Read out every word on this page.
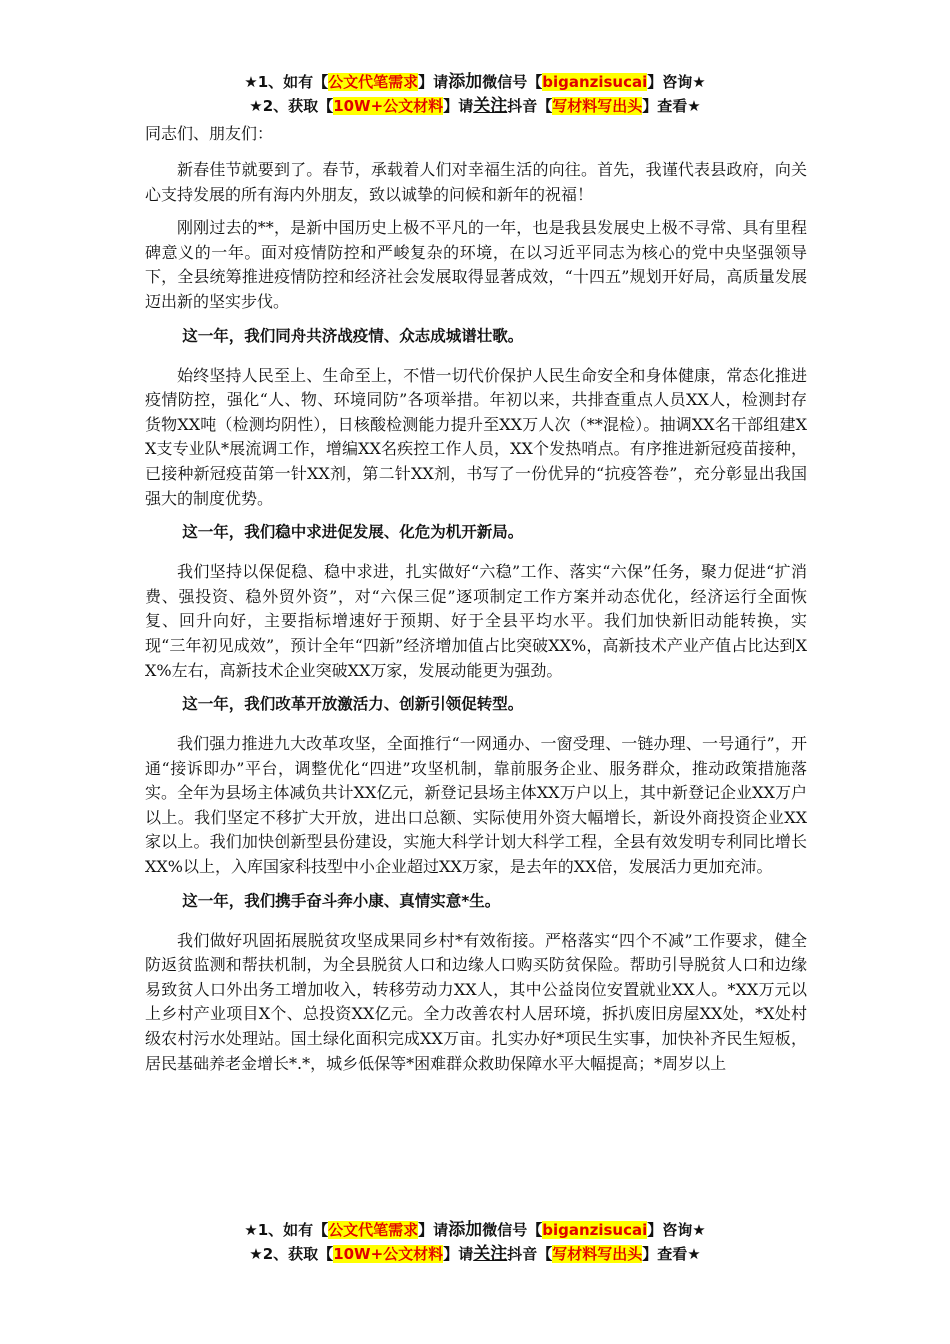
★1、如有【公文代笔需求】请添加微信号【biganzisucai】咨询★
★2、获取【10W+公文材料】请关注抖音【写材料写出头】查看★
同志们、朋友们：

新春佳节就要到了。春节，承载着人们对幸福生活的向往。首先，我谨代表县政府，向关心支持发展的所有海内外朋友，致以诚挚的问候和新年的祝福！

刚刚过去的**，是新中国历史上极不平凡的一年，也是我县发展史上极不寻常、具有里程碑意义的一年。面对疫情防控和严峻复杂的环境，在以习近平同志为核心的党中央坚强领导下，全县统筹推进疫情防控和经济社会发展取得显著成效，“十四五”规划开好局，高质量发展迈出新的坚实步伐。

这一年，我们同舟共济战疫情、众志成城谱壮歌。

始终坚持人民至上、生命至上，不惜一切代价保护人民生命安全和身体健康，常态化推进疫情防控，强化“人、物、环境同防”各项举措。年初以来，共排查重点人员XX人，检测封存货物XX吨（检测均阴性），日核酸检测能力提升至XX万人次（**混检）。抽调XX名干部组建XX支专业队*展流调工作，增编XX名疾控工作人员，XX个发热哨点。有序推进新冠疫苗接种，已接种新冠疫苗第一针XX剂，第二针XX剂，书写了一份优异的“抗疫答卷”，充分彰显出我国强大的制度优势。

这一年，我们稳中求进促发展、化危为机开新局。

我们坚持以保促稳、稳中求进，扎实做好“六稳”工作、落实“六保”任务，聚力促进“扩消费、强投资、稳外贸外资”，对“六保三促”逐项制定工作方案并动态优化，经济运行全面恢复、回升向好，主要指标增速好于预期、好于全县平均水平。我们加快新旧动能转换，实现“三年初见成效”，预计全年“四新”经济增加值占比突破XX%，高新技术产业产值占比达到XX%左右，高新技术企业突破XX万家，发展动能更为强劲。

这一年，我们改革开放激活力、创新引领促转型。

我们强力推进九大改革攻坚，全面推行“一网通办、一窗受理、一链办理、一号通行”，开通“接诉即办”平台，调整优化“四进”攻坚机制，靠前服务企业、服务群众，推动政策措施落实。全年为县场主体减负共计XX亿元，新登记县场主体XX万户以上，其中新登记企业XX万户以上。我们坚定不移扩大开放，进出口总额、实际使用外资大幅增长，新设外商投资企业XX家以上。我们加快创新型县份建设，实施大科学计划大科学工程，全县有效发明专利同比增长XX%以上，入库国家科技型中小企业超过XX万家，是去年的XX倍，发展活力更加充沛。

这一年，我们携手奋斗奔小康、真情实意*生。

我们做好巩固拓展脱贫攻坚成果同乡村*有效衔接。严格落实“四个不减”工作要求，健全防返贫监测和帮扶机制，为全县脱贫人口和边缘人口购买防贫保险。帮助引导脱贫人口和边缘易致贫人口外出务工增加收入，转移劳动力XX人，其中公益岗位安置就业XX人。*XX万元以上乡村产业项目X个、总投资XX亿元。全力改善农村人居环境，拆扒废旧房屋XX处，*X处村级农村污水处理站。国土绿化面积完成XX万亩。扎实办好*项民生实事，加快补齐民生短板，居民基础养老金增长*.*，城乡低保等*困难群众救助保障水平大幅提高；*周岁以上

★1、如有【公文代笔需求】请添加微信号【biganzisucai】咨询★
★2、获取【10W+公文材料】请关注抖音【写材料写出头】查看★
